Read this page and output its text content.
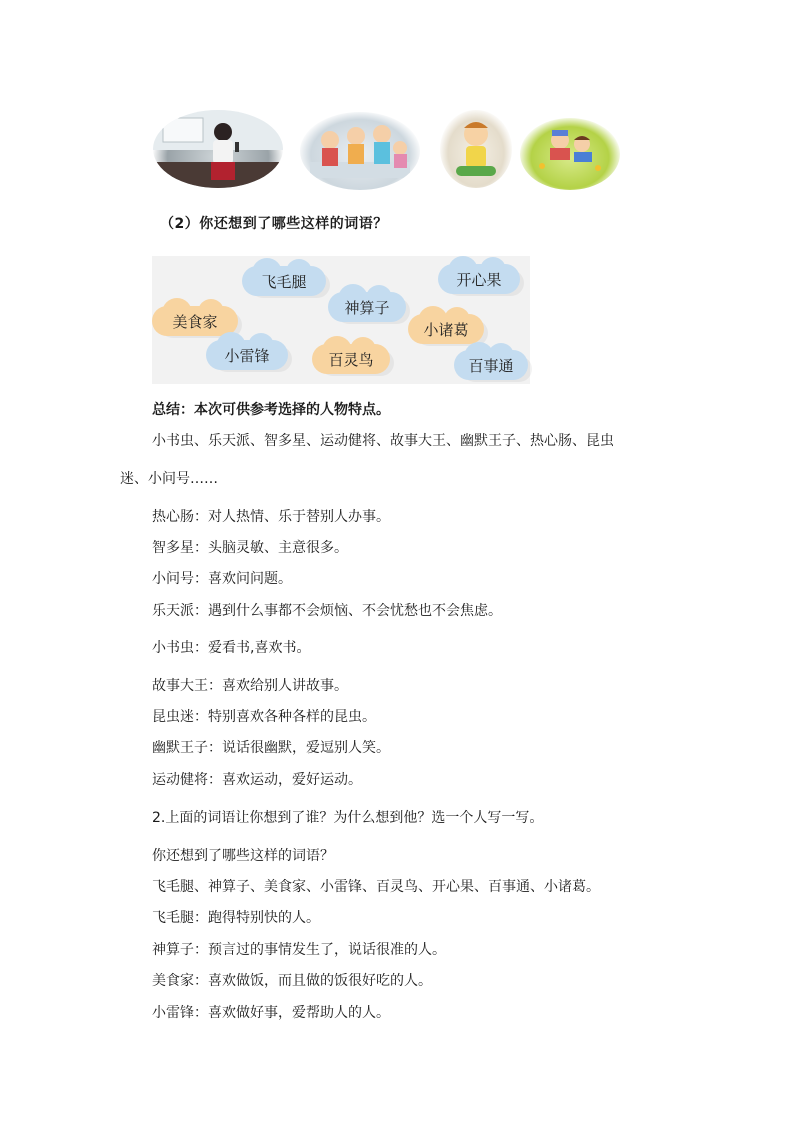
（2）你还想到了哪些这样的词语？
飞毛腿	开心果
神算子
美食家	小诸葛
小雷锋	百灵鸟	百事通
总结：本次可供参考选择的人物特点。
小书虫、乐天派、智多星、运动健将、故事大王、幽默王子、热心肠、昆虫
迷、小问号……
热心肠：对人热情、乐于替别人办事。
智多星：头脑灵敏、主意很多。
小问号：喜欢问问题。
乐天派：遇到什么事都不会烦恼、不会忧愁也不会焦虑。
小书虫：爱看书,喜欢书。
故事大王：喜欢给别人讲故事。
昆虫迷：特别喜欢各种各样的昆虫。
幽默王子：说话很幽默，爱逗别人笑。
运动健将：喜欢运动，爱好运动。
2.上面的词语让你想到了谁？为什么想到他？选一个人写一写。
你还想到了哪些这样的词语？
飞毛腿、神算子、美食家、小雷锋、百灵鸟、开心果、百事通、小诸葛。
飞毛腿：跑得特别快的人。
神算子：预言过的事情发生了，说话很准的人。
美食家：喜欢做饭，而且做的饭很好吃的人。
小雷锋：喜欢做好事，爱帮助人的人。
